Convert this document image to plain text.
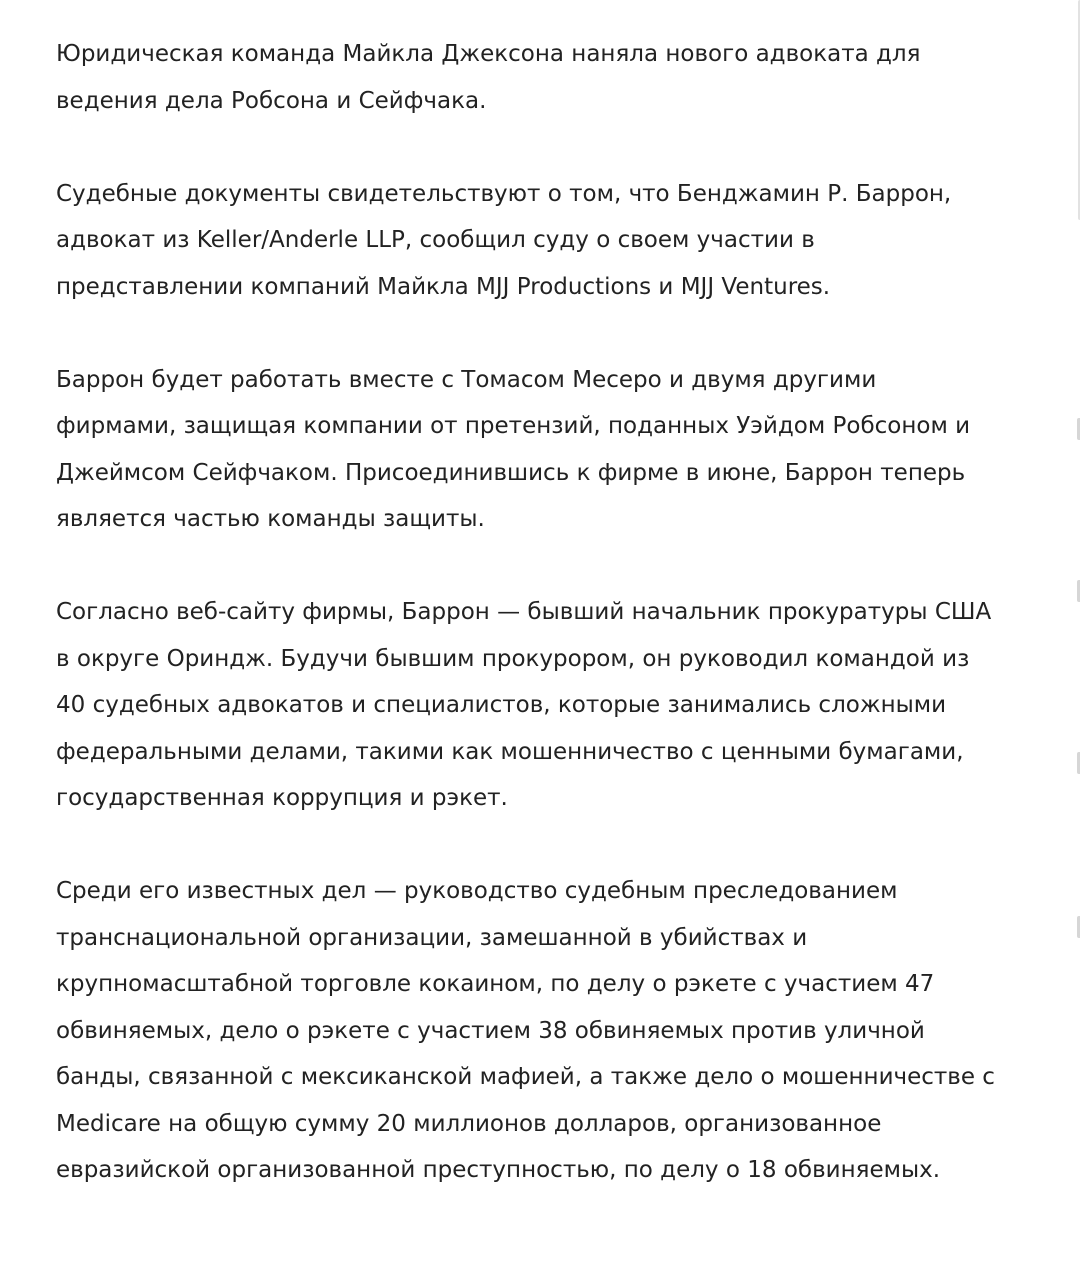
Юридическая команда Майкла Джексона наняла нового адвоката для
ведения дела Робсона и Сейфчака.

Судебные документы свидетельствуют о том, что Бенджамин Р. Баррон,
адвокат из Keller/Anderle LLP, сообщил суду о своем участии в
представлении компаний Майкла MJJ Productions и MJJ Ventures.

Баррон будет работать вместе с Томасом Месеро и двумя другими
фирмами, защищая компании от претензий, поданных Уэйдом Робсоном и
Джеймсом Сейфчаком. Присоединившись к фирме в июне, Баррон теперь
является частью команды защиты.

Согласно веб-сайту фирмы, Баррон — бывший начальник прокуратуры США
в округе Ориндж. Будучи бывшим прокурором, он руководил командой из
40 судебных адвокатов и специалистов, которые занимались сложными
федеральными делами, такими как мошенничество с ценными бумагами,
государственная коррупция и рэкет.

Среди его известных дел — руководство судебным преследованием
транснациональной организации, замешанной в убийствах и
крупномасштабной торговле кокаином, по делу о рэкете с участием 47
обвиняемых, дело о рэкете с участием 38 обвиняемых против уличной
банды, связанной с мексиканской мафией, а также дело о мошенничестве с
Medicare на общую сумму 20 миллионов долларов, организованное
евразийской организованной преступностью, по делу о 18 обвиняемых.
